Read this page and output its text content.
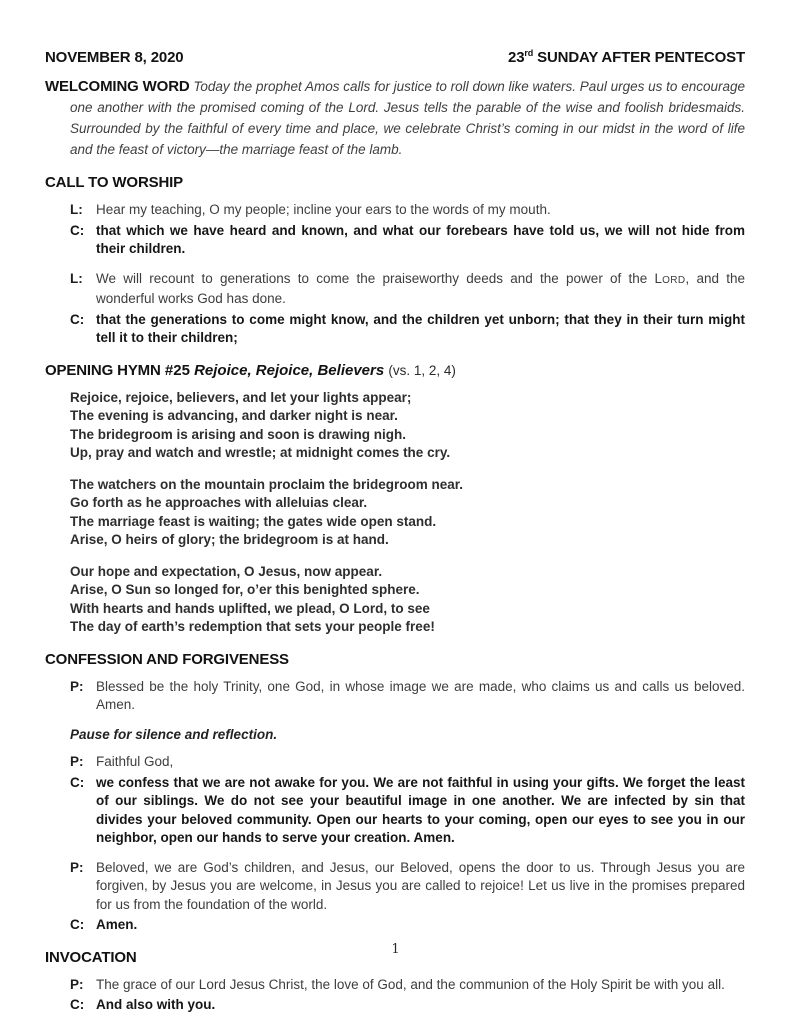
NOVEMBER 8, 2020	23rd SUNDAY AFTER PENTECOST

WELCOMING WORD Today the prophet Amos calls for justice to roll down like waters. Paul urges us to encourage one another with the promised coming of the Lord. Jesus tells the parable of the wise and foolish bridesmaids. Surrounded by the faithful of every time and place, we celebrate Christ’s coming in our midst in the word of life and the feast of victory—the marriage feast of the lamb.

CALL TO WORSHIP
L: Hear my teaching, O my people; incline your ears to the words of my mouth.
C: that which we have heard and known, and what our forebears have told us, we will not hide from their children.
L: We will recount to generations to come the praiseworthy deeds and the power of the LORD, and the wonderful works God has done.
C: that the generations to come might know, and the children yet unborn; that they in their turn might tell it to their children;
OPENING HYMN #25 Rejoice, Rejoice, Believers (vs. 1, 2, 4)
Rejoice, rejoice, believers, and let your lights appear;
The evening is advancing, and darker night is near.
The bridegroom is arising and soon is drawing nigh.
Up, pray and watch and wrestle; at midnight comes the cry.
The watchers on the mountain proclaim the bridegroom near.
Go forth as he approaches with alleluias clear.
The marriage feast is waiting; the gates wide open stand.
Arise, O heirs of glory; the bridegroom is at hand.
Our hope and expectation, O Jesus, now appear.
Arise, O Sun so longed for, o’er this benighted sphere.
With hearts and hands uplifted, we plead, O Lord, to see
The day of earth’s redemption that sets your people free!
CONFESSION AND FORGIVENESS
P: Blessed be the holy Trinity, one God, in whose image we are made, who claims us and calls us beloved. Amen.
Pause for silence and reflection.
P: Faithful God,
C: we confess that we are not awake for you. We are not faithful in using your gifts. We forget the least of our siblings. We do not see your beautiful image in one another. We are infected by sin that divides your beloved community. Open our hearts to your coming, open our eyes to see you in our neighbor, open our hands to serve your creation. Amen.
P: Beloved, we are God’s children, and Jesus, our Beloved, opens the door to us. Through Jesus you are forgiven, by Jesus you are welcome, in Jesus you are called to rejoice! Let us live in the promises prepared for us from the foundation of the world.
C: Amen.
INVOCATION
P: The grace of our Lord Jesus Christ, the love of God, and the communion of the Holy Spirit be with you all.
C: And also with you.
1
